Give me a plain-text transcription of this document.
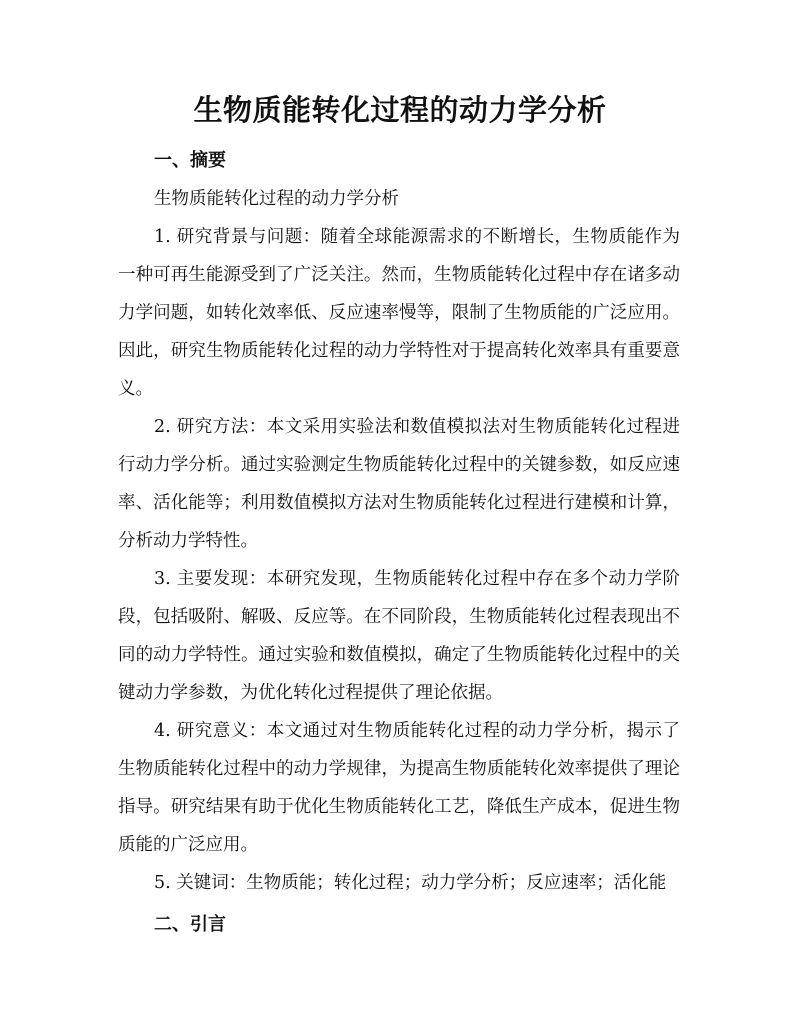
生物质能转化过程的动力学分析

一、摘要

生物质能转化过程的动力学分析

1. 研究背景与问题：随着全球能源需求的不断增长，生物质能作为一种可再生能源受到了广泛关注。然而，生物质能转化过程中存在诸多动力学问题，如转化效率低、反应速率慢等，限制了生物质能的广泛应用。因此，研究生物质能转化过程的动力学特性对于提高转化效率具有重要意义。

2. 研究方法：本文采用实验法和数值模拟法对生物质能转化过程进行动力学分析。通过实验测定生物质能转化过程中的关键参数，如反应速率、活化能等；利用数值模拟方法对生物质能转化过程进行建模和计算，分析动力学特性。

3. 主要发现：本研究发现，生物质能转化过程中存在多个动力学阶段，包括吸附、解吸、反应等。在不同阶段，生物质能转化过程表现出不同的动力学特性。通过实验和数值模拟，确定了生物质能转化过程中的关键动力学参数，为优化转化过程提供了理论依据。

4. 研究意义：本文通过对生物质能转化过程的动力学分析，揭示了生物质能转化过程中的动力学规律，为提高生物质能转化效率提供了理论指导。研究结果有助于优化生物质能转化工艺，降低生产成本，促进生物质能的广泛应用。

5. 关键词：生物质能；转化过程；动力学分析；反应速率；活化能

二、引言
